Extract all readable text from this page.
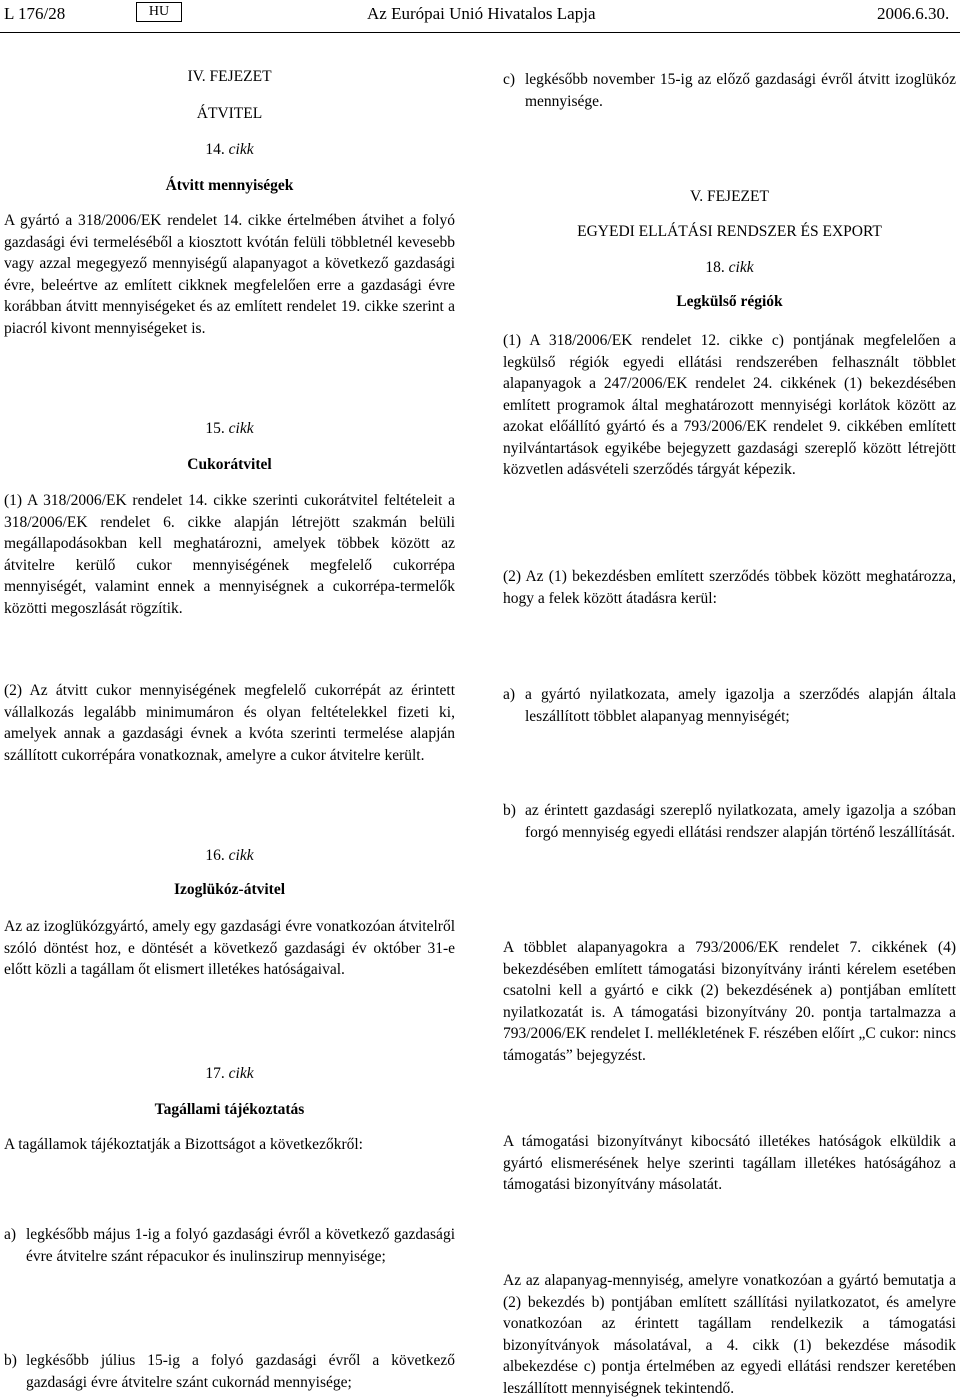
L 176/28	HU	Az Európai Unió Hivatalos Lapja	2006.6.30.
IV. FEJEZET
ÁTVITEL
14. cikk
Átvitt mennyiségek
A gyártó a 318/2006/EK rendelet 14. cikke értelmében átvihet a folyó gazdasági évi termeléséből a kiosztott kvótán felüli többletnél kevesebb vagy azzal megegyező mennyiségű alapanyagot a következő gazdasági évre, beleértve az említett cikknek megfelelően erre a gazdasági évre korábban átvitt mennyiségeket és az említett rendelet 19. cikke szerint a piacról kivont mennyiségeket is.
15. cikk
Cukorátvitel
(1) A 318/2006/EK rendelet 14. cikke szerinti cukorátvitel feltételeit a 318/2006/EK rendelet 6. cikke alapján létrejött szakmán belüli megállapodásokban kell meghatározni, amelyek többek között az átvitelre kerülő cukor mennyiségének megfelelő cukorrépa mennyiségét, valamint ennek a mennyiségnek a cukorrépa-termelők közötti megoszlását rögzítik.
(2) Az átvitt cukor mennyiségének megfelelő cukorrépát az érintett vállalkozás legalább minimumáron és olyan feltételekkel fizeti ki, amelyek annak a gazdasági évnek a kvóta szerinti termelése alapján szállított cukorrépára vonatkoznak, amelyre a cukor átvitelre került.
16. cikk
Izoglükóz-átvitel
Az az izoglükózgyártó, amely egy gazdasági évre vonatkozóan átvitelről szóló döntést hoz, e döntését a következő gazdasági év október 31-e előtt közli a tagállam őt elismert illetékes hatóságaival.
17. cikk
Tagállami tájékoztatás
A tagállamok tájékoztatják a Bizottságot a következőkről:
a) legkésőbb május 1-ig a folyó gazdasági évről a következő gazdasági évre átvitelre szánt répacukor és inulinszirup mennyisége;
b) legkésőbb július 15-ig a folyó gazdasági évről a következő gazdasági évre átvitelre szánt cukornád mennyisége;
c) legkésőbb november 15-ig az előző gazdasági évről átvitt izoglükóz mennyisége.
V. FEJEZET
EGYEDI ELLÁTÁSI RENDSZER ÉS EXPORT
18. cikk
Legkülső régiók
(1) A 318/2006/EK rendelet 12. cikke c) pontjának megfelelően a legkülső régiók egyedi ellátási rendszerében felhasznált többlet alapanyagok a 247/2006/EK rendelet 24. cikkének (1) bekezdésében említett programok által meghatározott mennyiségi korlátok között az azokat előállító gyártó és a 793/2006/EK rendelet 9. cikkében említett nyilvántartások egyikébe bejegyzett gazdasági szereplő között létrejött közvetlen adásvételi szerződés tárgyát képezik.
(2) Az (1) bekezdésben említett szerződés többek között meghatározza, hogy a felek között átadásra kerül:
a) a gyártó nyilatkozata, amely igazolja a szerződés alapján általa leszállított többlet alapanyag mennyiségét;
b) az érintett gazdasági szereplő nyilatkozata, amely igazolja a szóban forgó mennyiség egyedi ellátási rendszer alapján történő leszállítását.
A többlet alapanyagokra a 793/2006/EK rendelet 7. cikkének (4) bekezdésében említett támogatási bizonyítvány iránti kérelem esetében csatolni kell a gyártó e cikk (2) bekezdésének a) pontjában említett nyilatkozatát is. A támogatási bizonyítvány 20. pontja tartalmazza a 793/2006/EK rendelet I. mellékletének F. részében előírt „C cukor: nincs támogatás” bejegyzést.
A támogatási bizonyítványt kibocsátó illetékes hatóságok elküldik a gyártó elismerésének helye szerinti tagállam illetékes hatóságához a támogatási bizonyítvány másolatát.
Az az alapanyag-mennyiség, amelyre vonatkozóan a gyártó bemutatja a (2) bekezdés b) pontjában említett szállítási nyilatkozatot, és amelyre vonatkozóan az érintett tagállam rendelkezik a támogatási bizonyítványok másolatával, a 4. cikk (1) bekezdése második albekezdése c) pontja értelmében az egyedi ellátási rendszer keretében leszállított mennyiségnek tekintendő.
